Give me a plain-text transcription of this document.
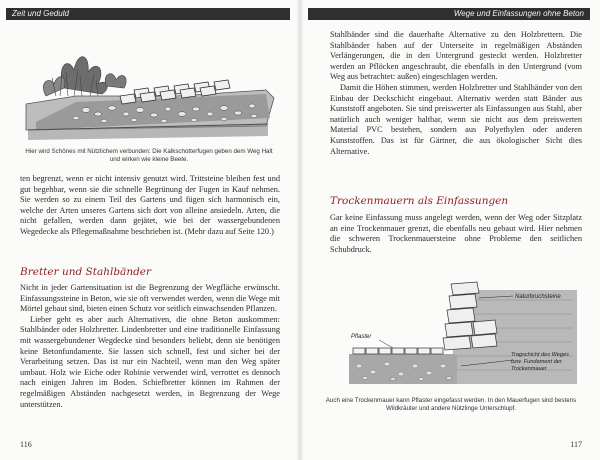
Zeit und Geduld
Hier wird Schönes mit Nützlichem verbunden: Die Kalkschotterfugen geben dem Weg Halt und wirken wie kleine Beete.

ten begrenzt, wenn er nicht intensiv genutzt wird. Trittsteine bleiben fest und gut begehbar, wenn sie die schnelle Begrünung der Fugen in Kauf nehmen. Sie werden so zu einem Teil des Gartens und fügen sich harmonisch ein, welche der Arten unseres Gartens sich dort von alleine ansiedeln. Arten, die nicht gefallen, werden dann gejätet, wie bei der wassergebundenen Wegedecke als Pflegemaßnahme beschrieben ist. (Mehr dazu auf Seite 120.)

Bretter und Stahlbänder

Nicht in jeder Gartensituation ist die Begrenzung der Wegfläche erwünscht. Einfassungssteine in Beton, wie sie oft verwendet werden, wenn die Wege mit Mörtel gebaut sind, bieten einen Schutz vor seitlich einwachsenden Pflanzen.

Lieber geht es aber auch Alternativen, die ohne Beton auskommen: Stahlbänder oder Holzbretter. Lindenbretter und eine traditionelle Einfassung mit wassergebundener Wegdecke sind besonders beliebt, denn sie benötigen keine Betonfundamente. Sie lassen sich schnell, fest und sicher bei der Verarbeitung setzen. Das ist nur ein Nachteil, wenn man den Weg später umbaut. Holz wie Eiche oder Robinie verwendet wird, verrottet es dennoch nach einigen Jahren im Boden. Schiefbretter können im Rahmen der regelmäßigen Abständen nachgesetzt werden, in Begrenzung der Wege unterstützen.

116
Wege und Einfassungen ohne Beton

Stahlbänder sind die dauerhafte Alternative zu den Holzbrettern. Die Stahlbänder haben auf der Unterseite in regelmäßigen Abständen Verlängerungen, die in den Untergrund gesteckt werden. Holzbretter werden an Pflöcken angeschraubt, die ebenfalls in den Untergrund (vom Weg aus betrachtet: außen) eingeschlagen werden.

Damit die Höhen stimmen, werden Holzbretter und Stahlbänder von den Einbau der Deckschicht eingebaut. Alternativ werden statt Bänder aus Kunststoff angeboten. Sie sind preiswerter als Einfassungen aus Stahl, aber natürlich auch weniger haltbar, wenn sie nicht aus dem preiswerten Material PVC bestehen, sondern aus Polyethylen oder anderen Kunststoffen. Das ist für Gärtner, die aus ökologischer Sicht dies Alternative.

Trockenmauern als Einfassungen

Gar keine Einfassung muss angelegt werden, wenn der Weg oder Sitzplatz an eine Trockenmauer grenzt, die ebenfalls neu gebaut wird. Hier nehmen die schweren Trockenmauersteine ohne Probleme den seitlichen Schubdruck.

Pflaster
Naturbruchsteine
Tragschicht des Weges bzw. Fundament der Trockenmauer
Auch eine Trockenmauer kann Pflaster eingefasst werden. In den Mauerfugen sind bestens Wildkräuter und andere Nützlinge Unterschlupf.
117
